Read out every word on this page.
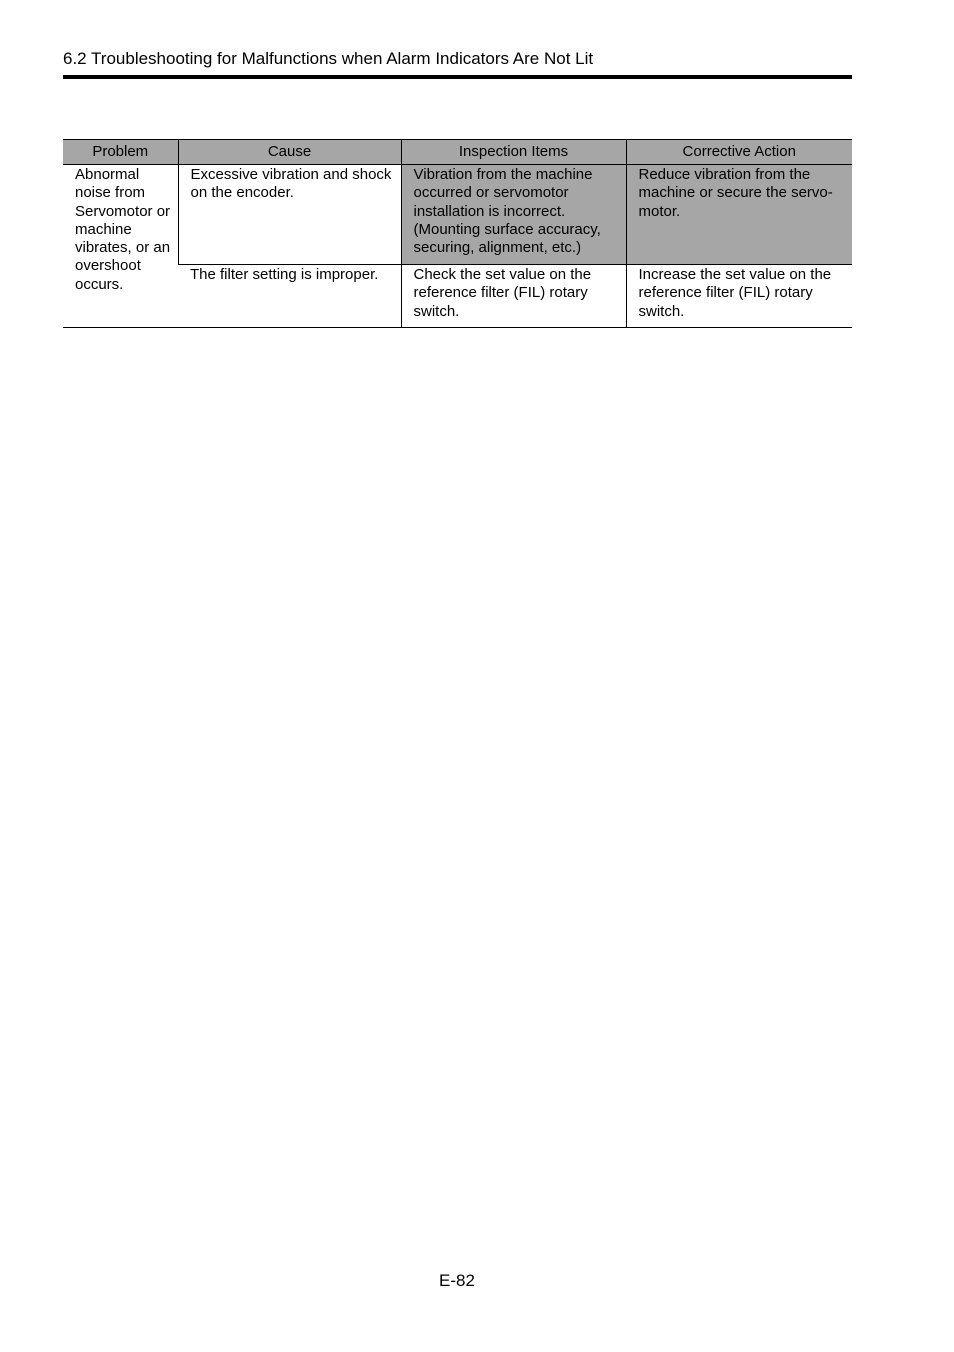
6.2 Troubleshooting for Malfunctions when Alarm Indicators Are Not Lit
Problem	Cause	Inspection Items	Corrective Action
Abnormal noise from Servomotor or machine vibrates, or an overshoot occurs.	Excessive vibration and shock on the encoder.	Vibration from the machine occurred or servomotor installation is incorrect. (Mounting surface accuracy, securing, alignment, etc.)	Reduce vibration from the machine or secure the servo-motor.
	The filter setting is improper.	Check the set value on the reference filter (FIL) rotary switch.	Increase the set value on the reference filter (FIL) rotary switch.
E-82
